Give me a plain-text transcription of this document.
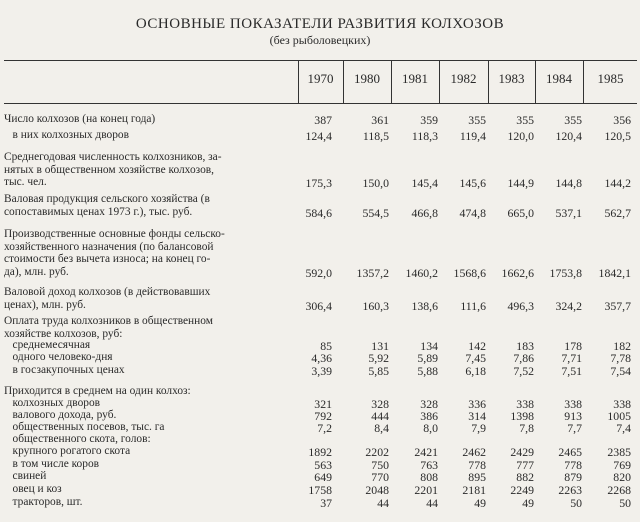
ОСНОВНЫЕ ПОКАЗАТЕЛИ РАЗВИТИЯ КОЛХОЗОВ
(без рыболовецких)
1970	1980	1981	1982	1983	1984	1985
Число колхозов (на конец года)	387	361	359	355	355	355	356
в них колхозных дворов	124,4	118,5 118,3 119,4 120,0 120,4 120,5
Среднегодовая численность колхозников, за-
нятых в общественном хозяйстве колхозов,
тыс. чел.	175,3	150,0 145,4 145,6 144,9 144,8 144,2
Валовая продукция сельского хозяйства (в
сопоставимых ценах 1973 г.), тыс. руб.	584,6	554,5 466,8 474,8 665,0 537,1 562,7
Производственные основные фонды сельско-
хозяйственного назначения (по балансовой
стоимости без вычета износа; на конец го-
да), млн. руб.	592,0 1357,2 1460,2 1568,6 1662,6 1753,8 1842,1
Валовой доход колхозов (в действовавших
ценах), млн. руб.	306,4	160,3 138,6 111,6 496,3 324,2 357,7
Оплата труда колхозников в общественном
хозяйстве колхозов, руб:
среднемесячная	85	131	134	142	183	178	182
одного человеко-дня	4,36	5,92 5,89 7,45 7,86 7,71 7,78
в госзакупочных ценах	3,39	5,85 5,88 6,18 7,52 7,51 7,54
Приходится в среднем на один колхоз:
колхозных дворов	321	328	328	336	338	338	338
валового дохода, руб.	792	444	386	314 1398	913 1005
общественных посевов, тыс. га	7,2	8,4	8,0	7,9	7,8	7,7	7,4
общественного скота, голов:
крупного рогатого скота	1892	2202 2421 2462 2429 2465 2385
в том числе коров	563	750	763	778	777	778	769
свиней	649	770	808	895	882	879	820
овец и коз	1758	2048 2201 2181 2249 2263 2268
тракторов, шт.	37	44	44	49	49	50	50
